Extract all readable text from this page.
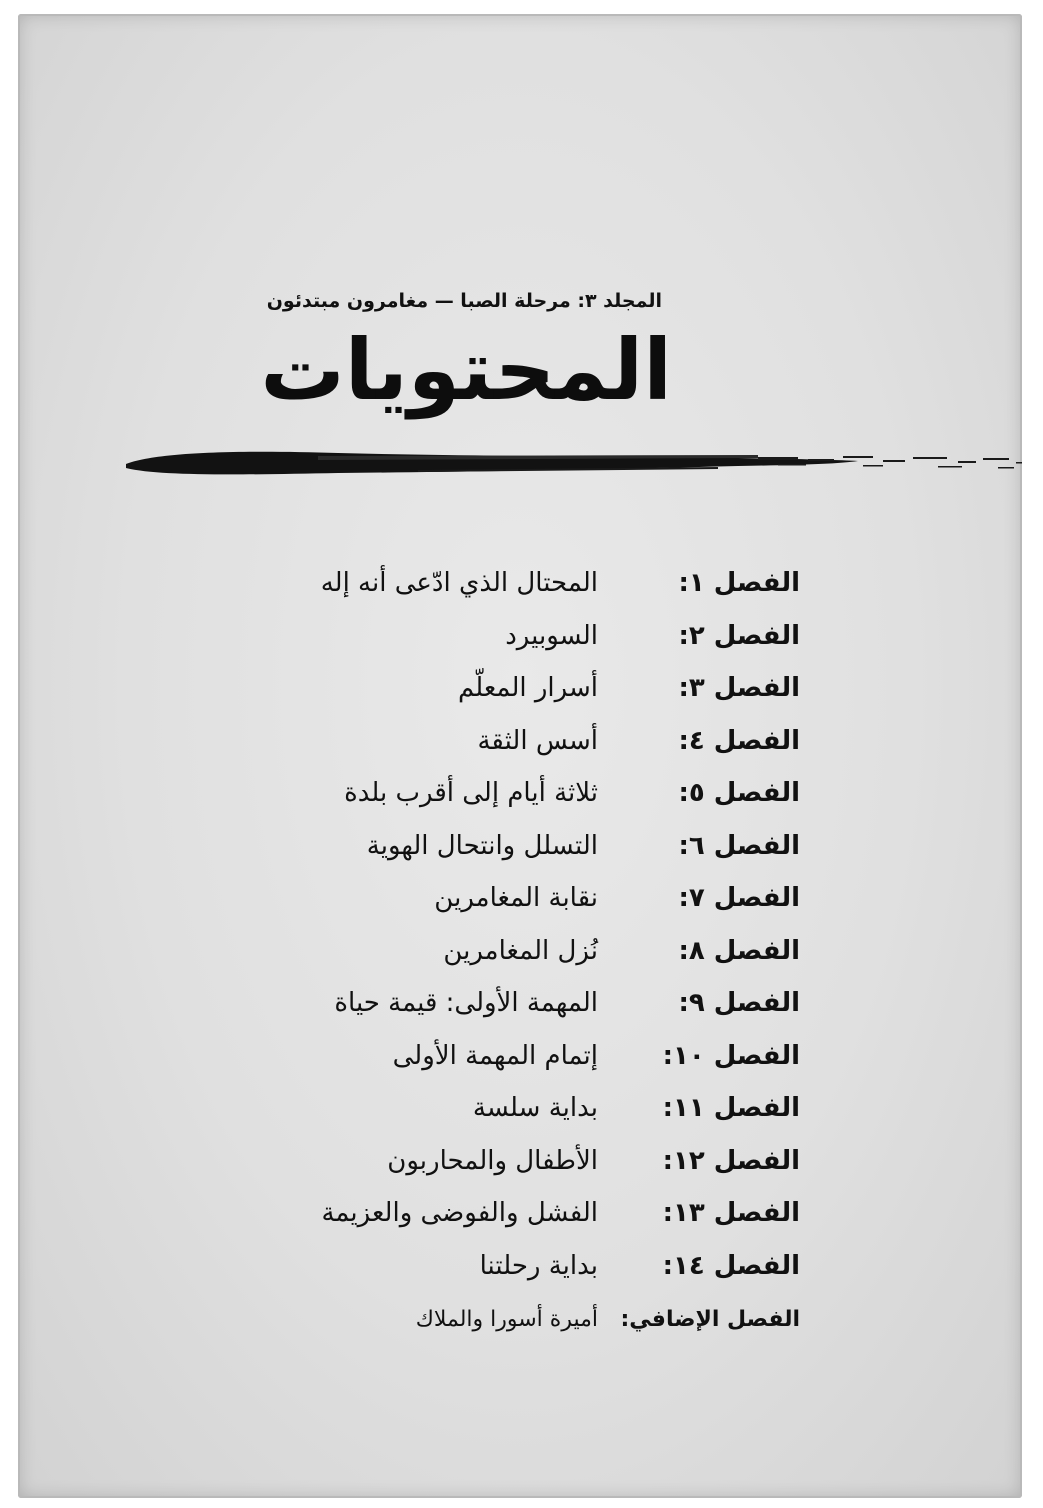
المجلد ٣: مرحلة الصبا — مغامرون مبتدئون
المحتويات
الفصل ١:
المحتال الذي ادّعى أنه إله
الفصل ٢:
السوبيرد
الفصل ٣:
أسرار المعلّم
الفصل ٤:
أسس الثقة
الفصل ٥:
ثلاثة أيام إلى أقرب بلدة
الفصل ٦:
التسلل وانتحال الهوية
الفصل ٧:
نقابة المغامرين
الفصل ٨:
نُزل المغامرين
الفصل ٩:
المهمة الأولى: قيمة حياة
الفصل ١٠:
إتمام المهمة الأولى
الفصل ١١:
بداية سلسة
الفصل ١٢:
الأطفال والمحاربون
الفصل ١٣:
الفشل والفوضى والعزيمة
الفصل ١٤:
بداية رحلتنا
الفصل الإضافي:
أميرة أسورا والملاك
